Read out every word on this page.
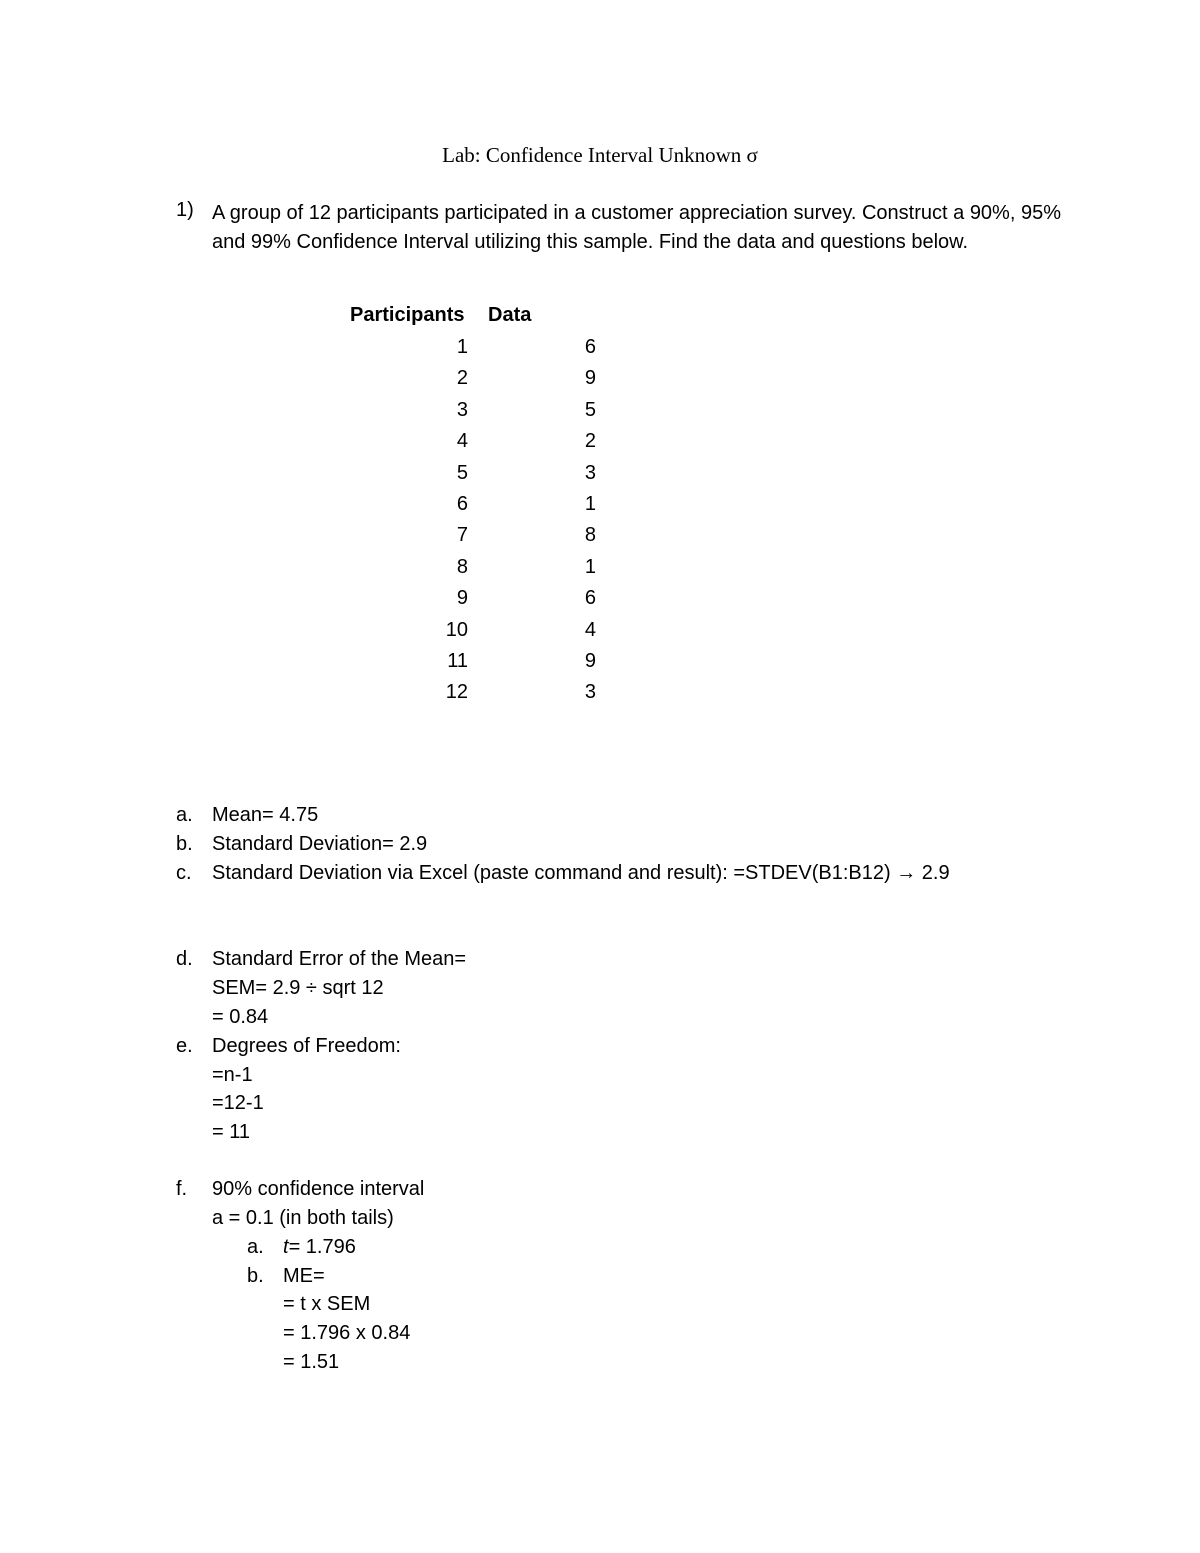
Lab: Confidence Interval Unknown σ
1) A group of 12 participants participated in a customer appreciation survey. Construct a 90%, 95% and 99% Confidence Interval utilizing this sample. Find the data and questions below.
Participants Data
1	6
2	9
3	5
4	2
5	3
6	1
7	8
8	1
9	6
10	4
11	9
12	3
a. Mean= 4.75
b. Standard Deviation= 2.9
c. Standard Deviation via Excel (paste command and result): =STDEV(B1:B12) → 2.9
d. Standard Error of the Mean=
SEM= 2.9 ÷ sqrt 12
= 0.84
e. Degrees of Freedom:
=n-1
=12-1
= 11
f. 90% confidence interval
a = 0.1 (in both tails)
a. t= 1.796
b. ME=
= t x SEM
= 1.796 x 0.84
= 1.51
